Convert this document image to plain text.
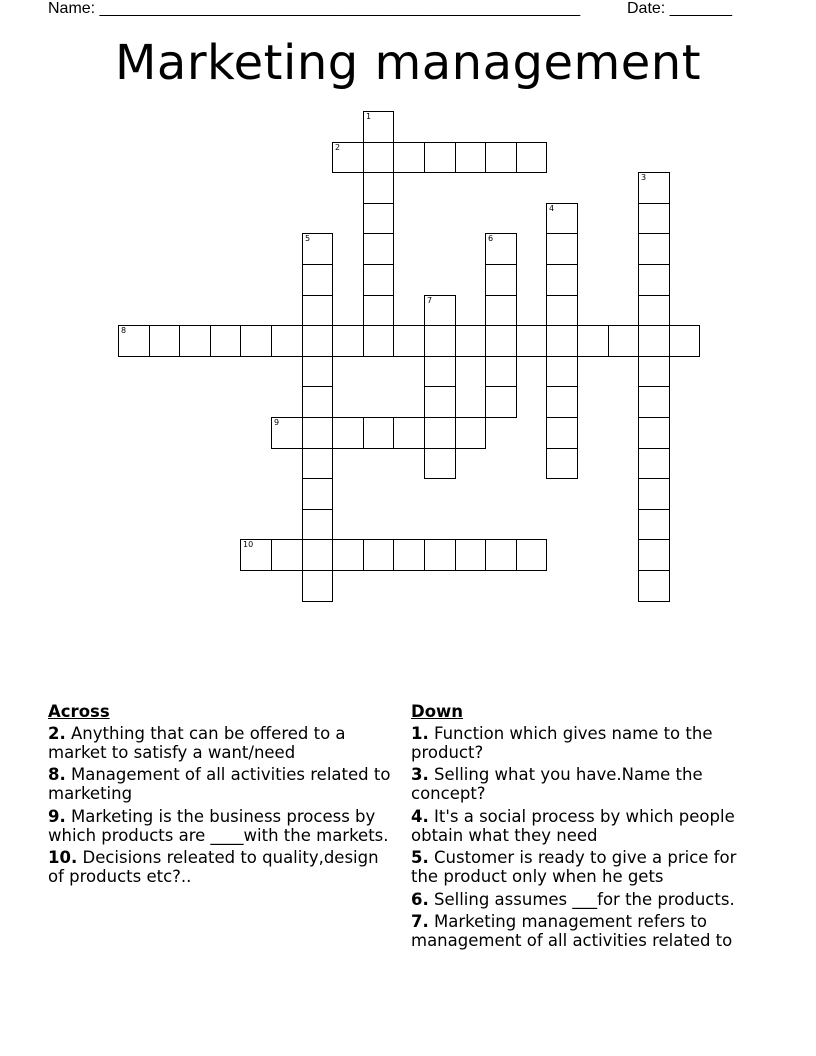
Name: ______________________________________________________	Date: _______
Marketing management
2
8
9
10
1
3
4
5	6
7
Across
2. Anything that can be offered to a market to satisfy a want/need
8. Management of all activities related to marketing
9. Marketing is the business process by which products are ____with the markets.
10. Decisions releated to quality,design of products etc?..
Down
1. Function which gives name to the product?
3. Selling what you have.Name the concept?
4. It's a social process by which people obtain what they need
5. Customer is ready to give a price for the product only when he gets
6. Selling assumes ___for the products.
7. Marketing management refers to management of all activities related to
